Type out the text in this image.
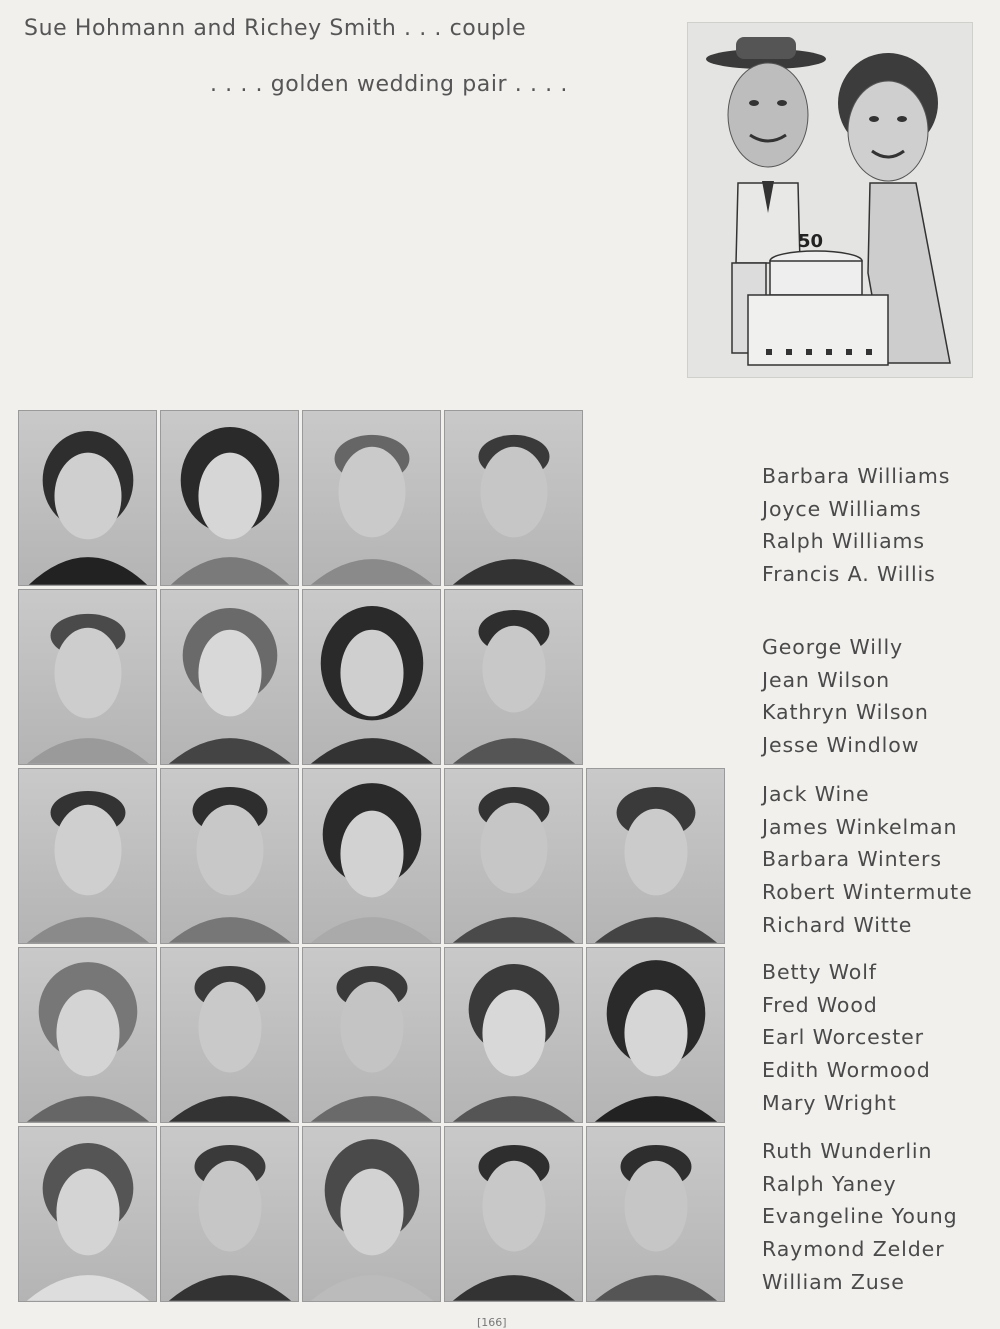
Sue Hohmann and Richey Smith . . . couple
. . . . golden wedding pair . . . .
50
Barbara Williams
Joyce Williams
Ralph Williams
Francis A. Willis
George Willy
Jean Wilson
Kathryn Wilson
Jesse Windlow
Jack Wine
James Winkelman
Barbara Winters
Robert Wintermute
Richard Witte
Betty Wolf
Fred Wood
Earl Worcester
Edith Wormood
Mary Wright
Ruth Wunderlin
Ralph Yaney
Evangeline Young
Raymond Zelder
William Zuse
[166]
